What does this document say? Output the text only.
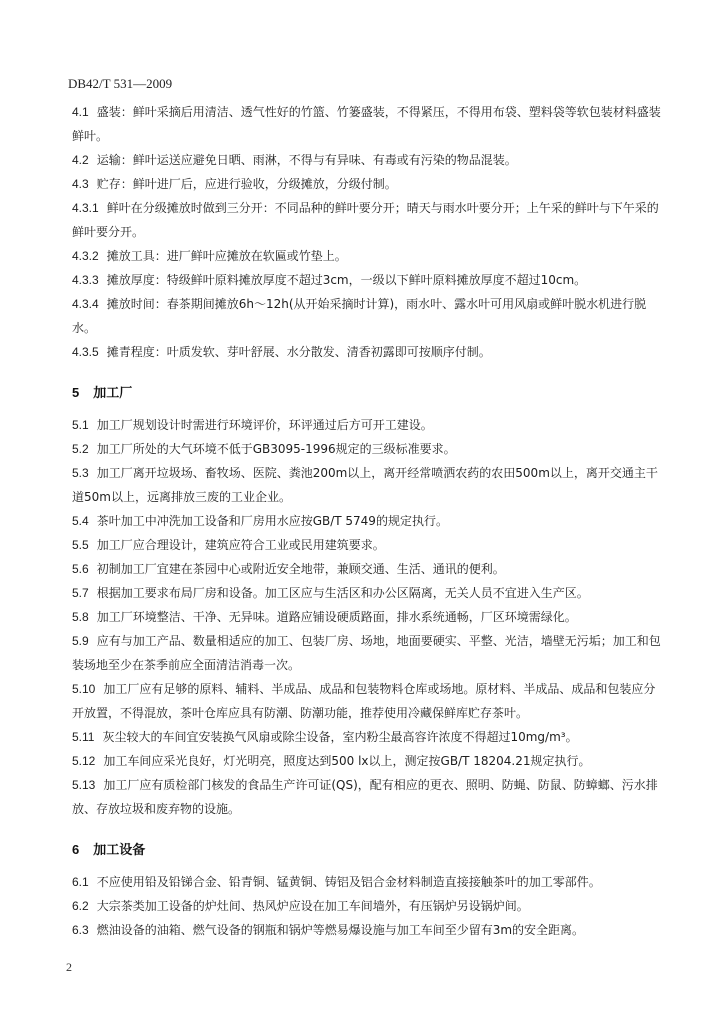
DB42/T 531—2009

4.1 盛装：鲜叶采摘后用清洁、透气性好的竹篮、竹篓盛装，不得紧压，不得用布袋、塑料袋等软包装材料盛装鲜叶。

4.2 运输：鲜叶运送应避免日晒、雨淋，不得与有异味、有毒或有污染的物品混装。

4.3 贮存：鲜叶进厂后，应进行验收，分级摊放，分级付制。

4.3.1 鲜叶在分级摊放时做到三分开：不同品种的鲜叶要分开；晴天与雨水叶要分开；上午采的鲜叶与下午采的鲜叶要分开。

4.3.2 摊放工具：进厂鲜叶应摊放在软匾或竹垫上。

4.3.3 摊放厚度：特级鲜叶原料摊放厚度不超过3cm，一级以下鲜叶原料摊放厚度不超过10cm。

4.3.4 摊放时间：春茶期间摊放6h～12h(从开始采摘时计算)，雨水叶、露水叶可用风扇或鲜叶脱水机进行脱水。

4.3.5 摊青程度：叶质发软、芽叶舒展、水分散发、清香初露即可按顺序付制。

5 加工厂

5.1 加工厂规划设计时需进行环境评价，环评通过后方可开工建设。

5.2 加工厂所处的大气环境不低于GB3095-1996规定的三级标准要求。

5.3 加工厂离开垃圾场、畜牧场、医院、粪池200m以上，离开经常喷洒农药的农田500m以上，离开交通主干道50m以上，远离排放三废的工业企业。

5.4 茶叶加工中冲洗加工设备和厂房用水应按GB/T 5749的规定执行。

5.5 加工厂应合理设计，建筑应符合工业或民用建筑要求。

5.6 初制加工厂宜建在茶园中心或附近安全地带，兼顾交通、生活、通讯的便利。

5.7 根据加工要求布局厂房和设备。加工区应与生活区和办公区隔离，无关人员不宜进入生产区。

5.8 加工厂环境整洁、干净、无异味。道路应铺设硬质路面，排水系统通畅，厂区环境需绿化。

5.9 应有与加工产品、数量相适应的加工、包装厂房、场地，地面要硬实、平整、光洁，墙壁无污垢；加工和包装场地至少在茶季前应全面清洁消毒一次。

5.10 加工厂应有足够的原料、辅料、半成品、成品和包装物料仓库或场地。原材料、半成品、成品和包装应分开放置，不得混放，茶叶仓库应具有防潮、防潮功能，推荐使用冷藏保鲜库贮存茶叶。

5.11 灰尘较大的车间宜安装换气风扇或除尘设备，室内粉尘最高容许浓度不得超过10mg/m³。

5.12 加工车间应采光良好，灯光明亮，照度达到500 lx以上，测定按GB/T 18204.21规定执行。

5.13 加工厂应有质检部门核发的食品生产许可证(QS)，配有相应的更衣、照明、防蝇、防鼠、防蟑螂、污水排放、存放垃圾和废弃物的设施。

6 加工设备

6.1 不应使用铅及铅锑合金、铅青铜、锰黄铜、铸铝及铝合金材料制造直接接触茶叶的加工零部件。

6.2 大宗茶类加工设备的炉灶间、热风炉应设在加工车间墙外，有压锅炉另设锅炉间。

6.3 燃油设备的油箱、燃气设备的钢瓶和锅炉等燃易爆设施与加工车间至少留有3m的安全距离。

2
